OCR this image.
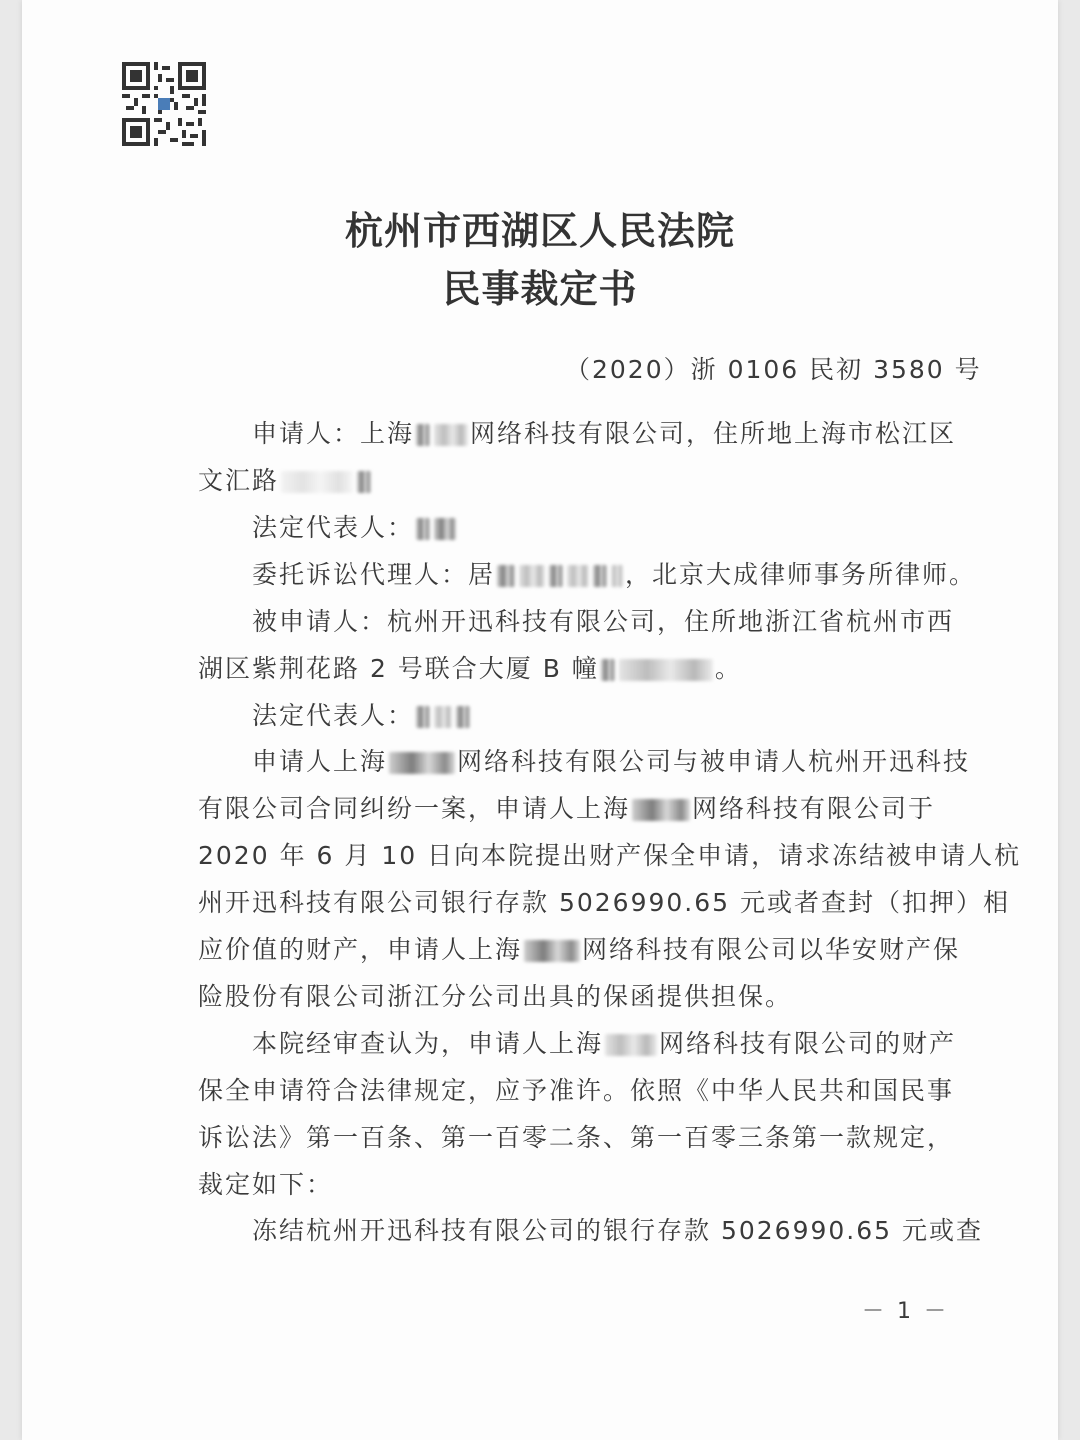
杭州市西湖区人民法院
民事裁定书
（2020）浙 0106 民初 3580 号
申请人：上海 网络科技有限公司，住所地上海市松江区
文汇路
法定代表人：
委托诉讼代理人：居	，北京大成律师事务所律师。
被申请人：杭州开迅科技有限公司，住所地浙江省杭州市西
湖区紫荆花路 2 号联合大厦 B 幢	。
法定代表人：
申请人上海	网络科技有限公司与被申请人杭州开迅科技
有限公司合同纠纷一案，申请人上海 网络科技有限公司于
2020 年 6 月 10 日向本院提出财产保全申请，请求冻结被申请人杭
州开迅科技有限公司银行存款 5026990.65 元或者查封（扣押）相
应价值的财产，申请人上海 网络科技有限公司以华安财产保
险股份有限公司浙江分公司出具的保函提供担保。
本院经审查认为，申请人上海 网络科技有限公司的财产
保全申请符合法律规定，应予准许。依照《中华人民共和国民事
诉讼法》第一百条、第一百零二条、第一百零三条第一款规定，
裁定如下：
冻结杭州开迅科技有限公司的银行存款 5026990.65 元或查
－ 1 －
